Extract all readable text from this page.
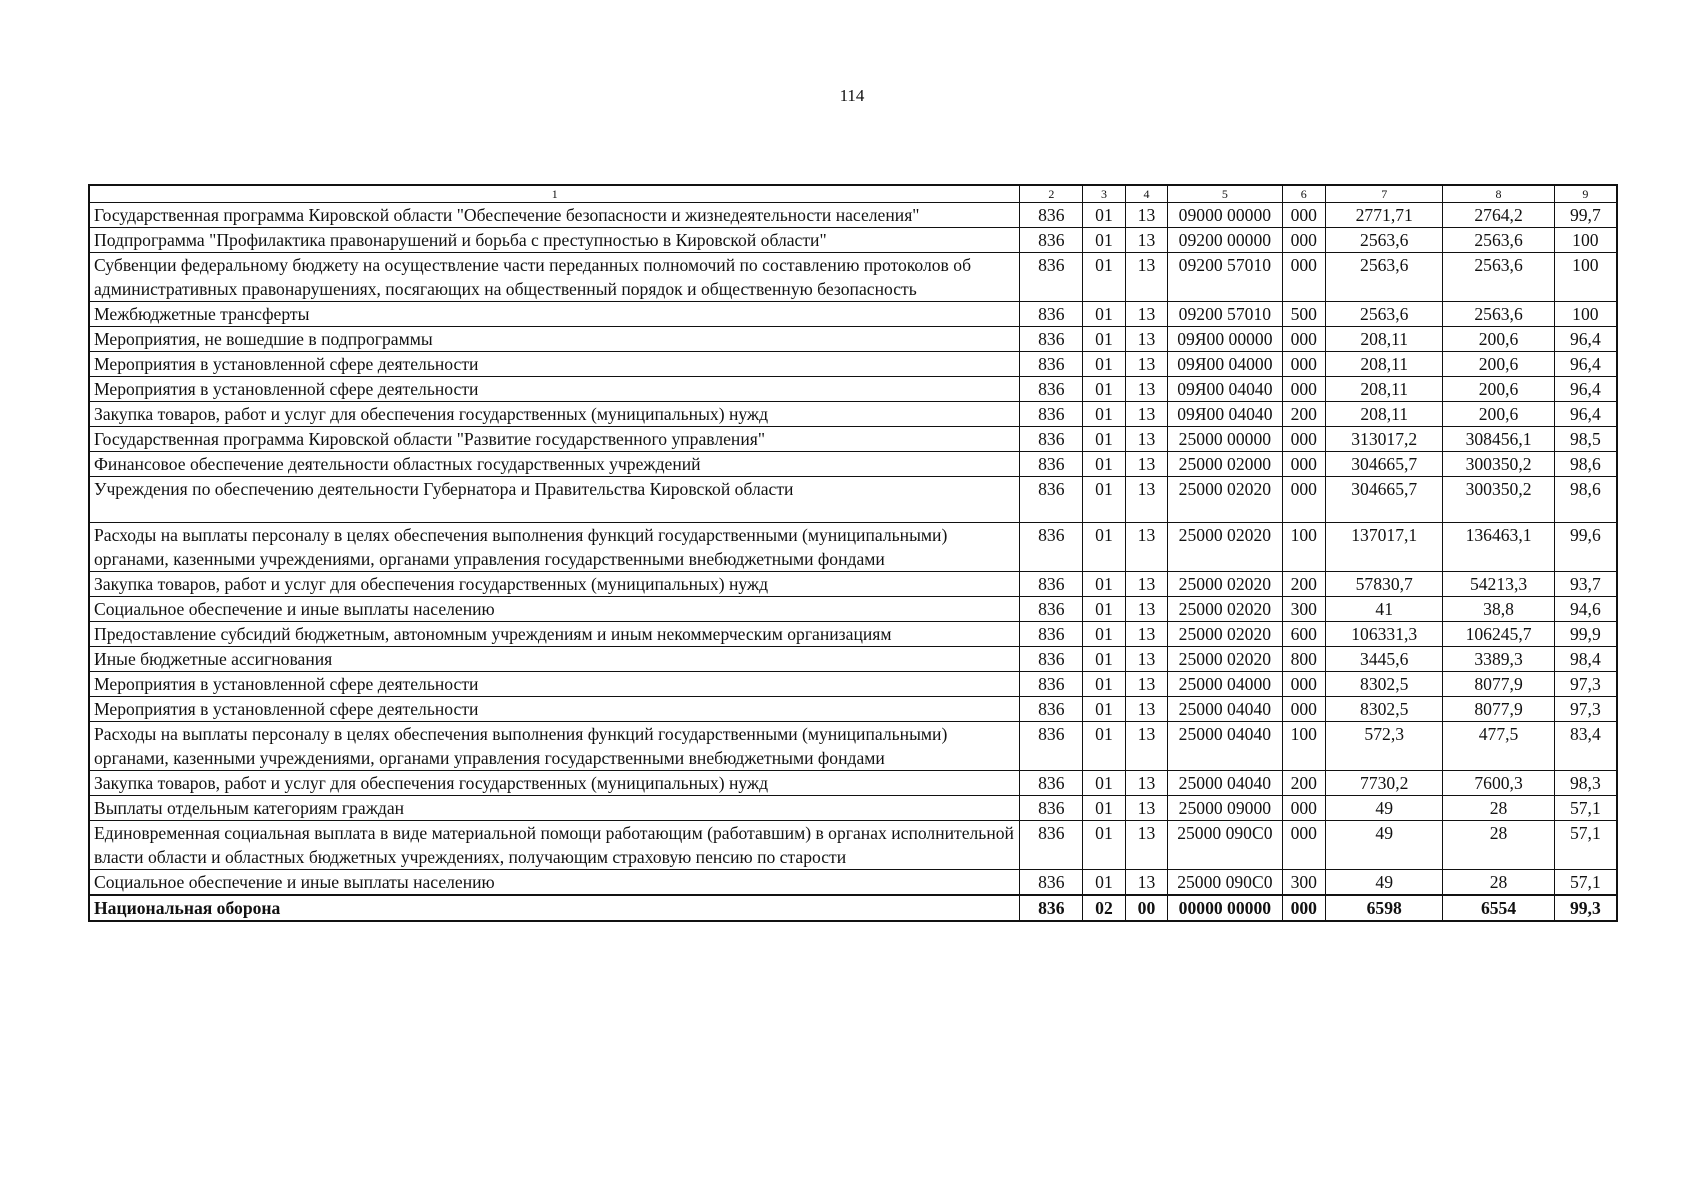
114
1	2	3	4	5	6	7	8	9
Государственная программа Кировской области "Обеспечение безопасности и жизнедеятельности населения"	836	01	13	09000 00000	000	2771,71	2764,2	99,7
Подпрограмма "Профилактика правонарушений и борьба с преступностью в Кировской области"	836	01	13	09200 00000	000	2563,6	2563,6	100
Субвенции федеральному бюджету на осуществление части переданных полномочий по составлению протоколов об административных правонарушениях, посягающих на общественный порядок и общественную безопасность	836	01	13	09200 57010	000	2563,6	2563,6	100
Межбюджетные трансферты	836	01	13	09200 57010	500	2563,6	2563,6	100
Мероприятия, не вошедшие в подпрограммы	836	01	13	09Я00 00000	000	208,11	200,6	96,4
Мероприятия в установленной сфере деятельности	836	01	13	09Я00 04000	000	208,11	200,6	96,4
Мероприятия в установленной сфере деятельности	836	01	13	09Я00 04040	000	208,11	200,6	96,4
Закупка товаров, работ и услуг для обеспечения государственных (муниципальных) нужд	836	01	13	09Я00 04040	200	208,11	200,6	96,4
Государственная программа Кировской области "Развитие государственного управления"	836	01	13	25000 00000	000	313017,2	308456,1	98,5
Финансовое обеспечение деятельности областных государственных учреждений	836	01	13	25000 02000	000	304665,7	300350,2	98,6
Учреждения по обеспечению деятельности Губернатора и Правительства Кировской области	836	01	13	25000 02020	000	304665,7	300350,2	98,6
Расходы на выплаты персоналу в целях обеспечения выполнения функций государственными (муниципальными) органами, казенными учреждениями, органами управления государственными внебюджетными фондами	836	01	13	25000 02020	100	137017,1	136463,1	99,6
Закупка товаров, работ и услуг для обеспечения государственных (муниципальных) нужд	836	01	13	25000 02020	200	57830,7	54213,3	93,7
Социальное обеспечение и иные выплаты населению	836	01	13	25000 02020	300	41	38,8	94,6
Предоставление субсидий бюджетным, автономным учреждениям и иным некоммерческим организациям	836	01	13	25000 02020	600	106331,3	106245,7	99,9
Иные бюджетные ассигнования	836	01	13	25000 02020	800	3445,6	3389,3	98,4
Мероприятия в установленной сфере деятельности	836	01	13	25000 04000	000	8302,5	8077,9	97,3
Мероприятия в установленной сфере деятельности	836	01	13	25000 04040	000	8302,5	8077,9	97,3
Расходы на выплаты персоналу в целях обеспечения выполнения функций государственными (муниципальными) органами, казенными учреждениями, органами управления государственными внебюджетными фондами	836	01	13	25000 04040	100	572,3	477,5	83,4
Закупка товаров, работ и услуг для обеспечения государственных (муниципальных) нужд	836	01	13	25000 04040	200	7730,2	7600,3	98,3
Выплаты отдельным категориям граждан	836	01	13	25000 09000	000	49	28	57,1
Единовременная социальная выплата в виде материальной помощи работающим (работавшим) в органах исполнительной власти области и областных бюджетных учреждениях, получающим страховую пенсию по старости	836	01	13	25000 090С0	000	49	28	57,1
Социальное обеспечение и иные выплаты населению	836	01	13	25000 090С0	300	49	28	57,1
Национальная оборона	836	02	00	00000 00000	000	6598	6554	99,3
